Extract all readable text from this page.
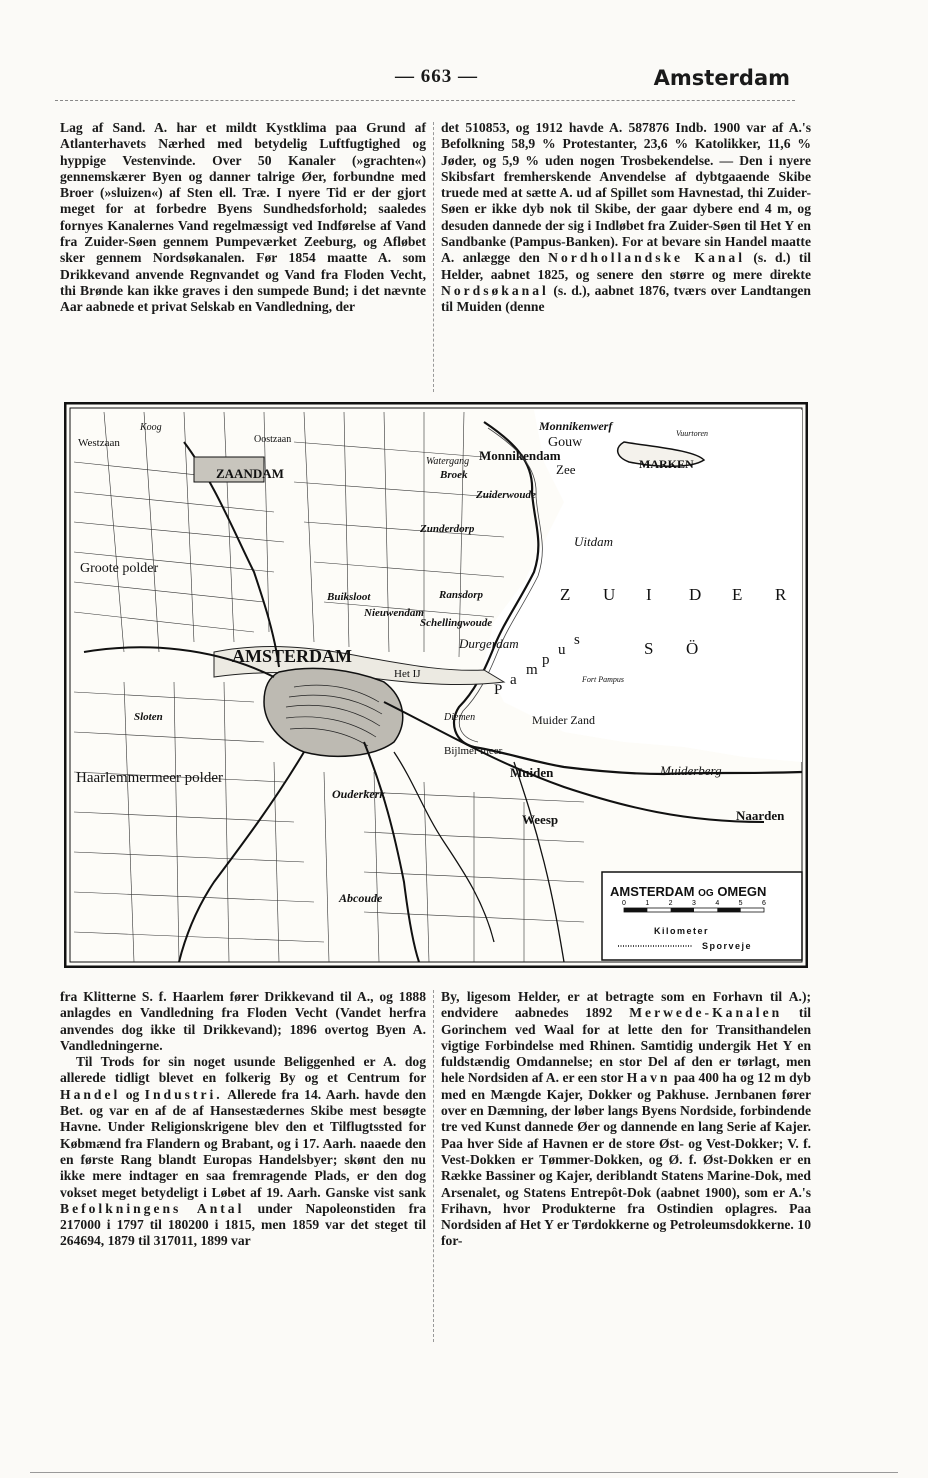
— 663 —	Amsterdam

Lag af Sand. A. har et mildt Kystklima paa Grund af Atlanterhavets Nærhed med betydelig Luftfugtighed og hyppige Vestenvinde. Over 50 Kanaler (»grachten«) gennemskærer Byen og danner talrige Øer, forbundne med Broer (»sluizen«) af Sten ell. Træ. I nyere Tid er der gjort meget for at forbedre Byens Sundhedsforhold; saaledes fornyes Kanalernes Vand regelmæssigt ved Indførelse af Vand fra Zuider-Søen gennem Pumpeværket Zeeburg, og Afløbet sker gennem Nordsøkanalen. Før 1854 maatte A. som Drikkevand anvende Regnvandet og Vand fra Floden Vecht, thi Brønde kan ikke graves i den sumpede Bund; i det nævnte Aar aabnede et privat Selskab en Vandledning, der

det 510853, og 1912 havde A. 587876 Indb. 1900 var af A.'s Befolkning 58,9 % Protestanter, 23,6 % Katolikker, 11,6 % Jøder, og 5,9 % uden nogen Trosbekendelse. — Den i nyere Skibsfart fremherskende Anvendelse af dybtgaaende Skibe truede med at sætte A. ud af Spillet som Havnestad, thi Zuider-Søen er ikke dyb nok til Skibe, der gaar dybere end 4 m, og desuden dannede der sig i Indløbet fra Zuider-Søen til Het Y en Sandbanke (Pampus-Banken). For at bevare sin Handel maatte A. anlægge den Nordhollandske Kanal (s. d.) til Helder, aabnet 1825, og senere den større og mere direkte Nordsøkanal (s. d.), aabnet 1876, tværs over Landtangen til Muiden (denne

ZAANDAM
AMSTERDAM
Monnikendam
Monnikenwerf
MARKEN
Gouw
Zee
Uitdam
Durgerdam
Muiden	Muiderberg
Naarden
Weesp
Muider Zand
Fort Pampus
Vuurtoren
Ouderkerk
Abcoude
Haarlemmermeer polder
Groote polder
Oostzaan
Buiksloot	Ransdorp
Sloten	Diemen
Het IJ
Bijlmer meer
Zuiderwoude
Broek
Watergang
Westzaan
Koog
Nieuwendam
Schellingwoude
Zunderdorp
Z U I D E R
S Ö
P
a
m
p
u
s
AMSTERDAM OG OMEGN
0	1	2	3	4	5	6
Kilometer
Sporveje

fra Klitterne S. f. Haarlem fører Drikkevand til A., og 1888 anlagdes en Vandledning fra Floden Vecht (Vandet herfra anvendes dog ikke til Drikkevand); 1896 overtog Byen A. Vandledningerne.

Til Trods for sin noget usunde Beliggenhed er A. dog allerede tidligt blevet en folkerig By og et Centrum for Handel og Industri. Allerede fra 14. Aarh. havde den Bet. og var en af de af Hansestædernes Skibe mest besøgte Havne. Under Religionskrigene blev den et Tilflugtssted for Købmænd fra Flandern og Brabant, og i 17. Aarh. naaede den en første Rang blandt Europas Handelsbyer; skønt den nu ikke mere indtager en saa fremragende Plads, er den dog vokset meget betydeligt i Løbet af 19. Aarh. Ganske vist sank Befolkningens Antal under Napoleonstiden fra 217000 i 1797 til 180200 i 1815, men 1859 var det steget til 264694, 1879 til 317011, 1899 var

By, ligesom Helder, er at betragte som en Forhavn til A.); endvidere aabnedes 1892 Merwede-Kanalen til Gorinchem ved Waal for at lette den for Transithandelen vigtige Forbindelse med Rhinen. Samtidig undergik Het Y en fuldstændig Omdannelse; en stor Del af den er tørlagt, men hele Nordsiden af A. er een stor Havn paa 400 ha og 12 m dyb med en Mængde Kajer, Dokker og Pakhuse. Jernbanen fører over en Dæmning, der løber langs Byens Nordside, forbindende tre ved Kunst dannede Øer og dannende en lang Serie af Kajer. Paa hver Side af Havnen er de store Øst- og Vest-Dokker; V. f. Vest-Dokken er Tømmer-Dokken, og Ø. f. Øst-Dokken er en Række Bassiner og Kajer, deriblandt Statens Marine-Dok, med Arsenalet, og Statens Entrepôt-Dok (aabnet 1900), som er A.'s Frihavn, hvor Produkterne fra Ostindien oplagres. Paa Nordsiden af Het Y er Tørdokkerne og Petroleumsdokkerne. 10 for-
